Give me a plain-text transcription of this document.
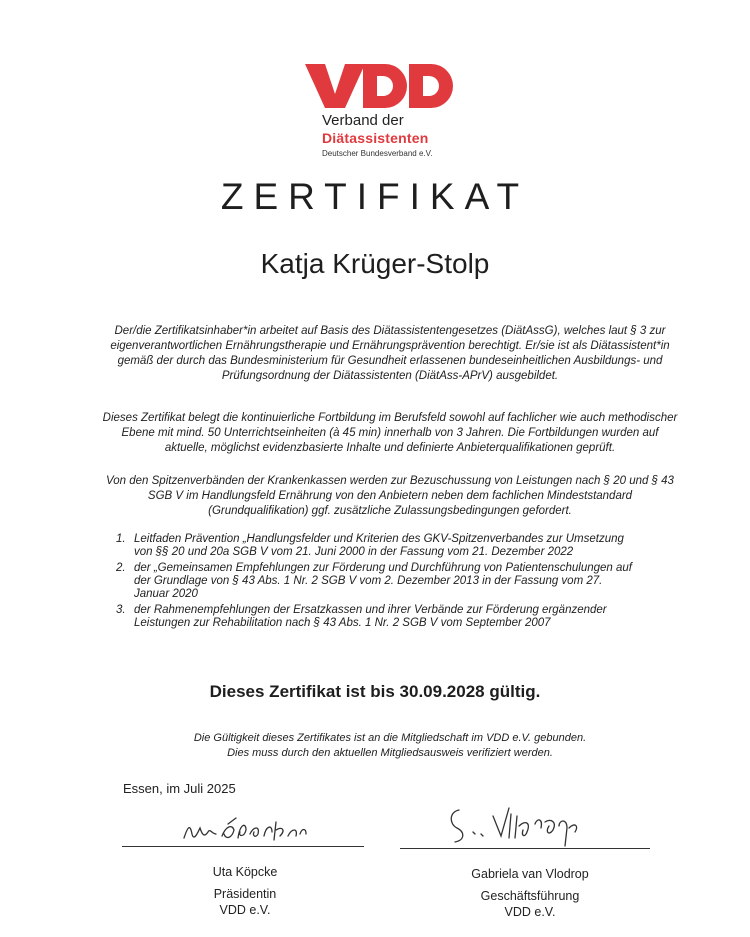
Verband der
Diätassistenten
Deutscher Bundesverband e.V.
ZERTIFIKAT
Katja Krüger-Stolp
Der/die Zertifikatsinhaber*in arbeitet auf Basis des Diätassistentengesetzes (DiätAssG), welches laut § 3 zur eigenverantwortlichen Ernährungstherapie und Ernährungsprävention berechtigt. Er/sie ist als Diätassistent*in gemäß der durch das Bundesministerium für Gesundheit erlassenen bundeseinheitlichen Ausbildungs- und Prüfungsordnung der Diätassistenten (DiätAss-APrV) ausgebildet.
Dieses Zertifikat belegt die kontinuierliche Fortbildung im Berufsfeld sowohl auf fachlicher wie auch methodischer Ebene mit mind. 50 Unterrichtseinheiten (à 45 min) innerhalb von 3 Jahren. Die Fortbildungen wurden auf aktuelle, möglichst evidenzbasierte Inhalte und definierte Anbieterqualifikationen geprüft.
Von den Spitzenverbänden der Krankenkassen werden zur Bezuschussung von Leistungen nach § 20 und § 43 SGB V im Handlungsfeld Ernährung von den Anbietern neben dem fachlichen Mindeststandard (Grundqualifikation) ggf. zusätzliche Zulassungsbedingungen gefordert.
1. Leitfaden Prävention „Handlungsfelder und Kriterien des GKV-Spitzenverbandes zur Umsetzung von §§ 20 und 20a SGB V vom 21. Juni 2000 in der Fassung vom 21. Dezember 2022
2. der „Gemeinsamen Empfehlungen zur Förderung und Durchführung von Patientenschulungen auf der Grundlage von § 43 Abs. 1 Nr. 2 SGB V vom 2. Dezember 2013 in der Fassung vom 27. Januar 2020
3. der Rahmenempfehlungen der Ersatzkassen und ihrer Verbände zur Förderung ergänzender Leistungen zur Rehabilitation nach § 43 Abs. 1 Nr. 2 SGB V vom September 2007
Dieses Zertifikat ist bis 30.09.2028 gültig.
Die Gültigkeit dieses Zertifikates ist an die Mitgliedschaft im VDD e.V. gebunden.
Dies muss durch den aktuellen Mitgliedsausweis verifiziert werden.
Essen, im Juli 2025
Uta Köpcke
Präsidentin
VDD e.V.
Gabriela van Vlodrop
Geschäftsführung
VDD e.V.
